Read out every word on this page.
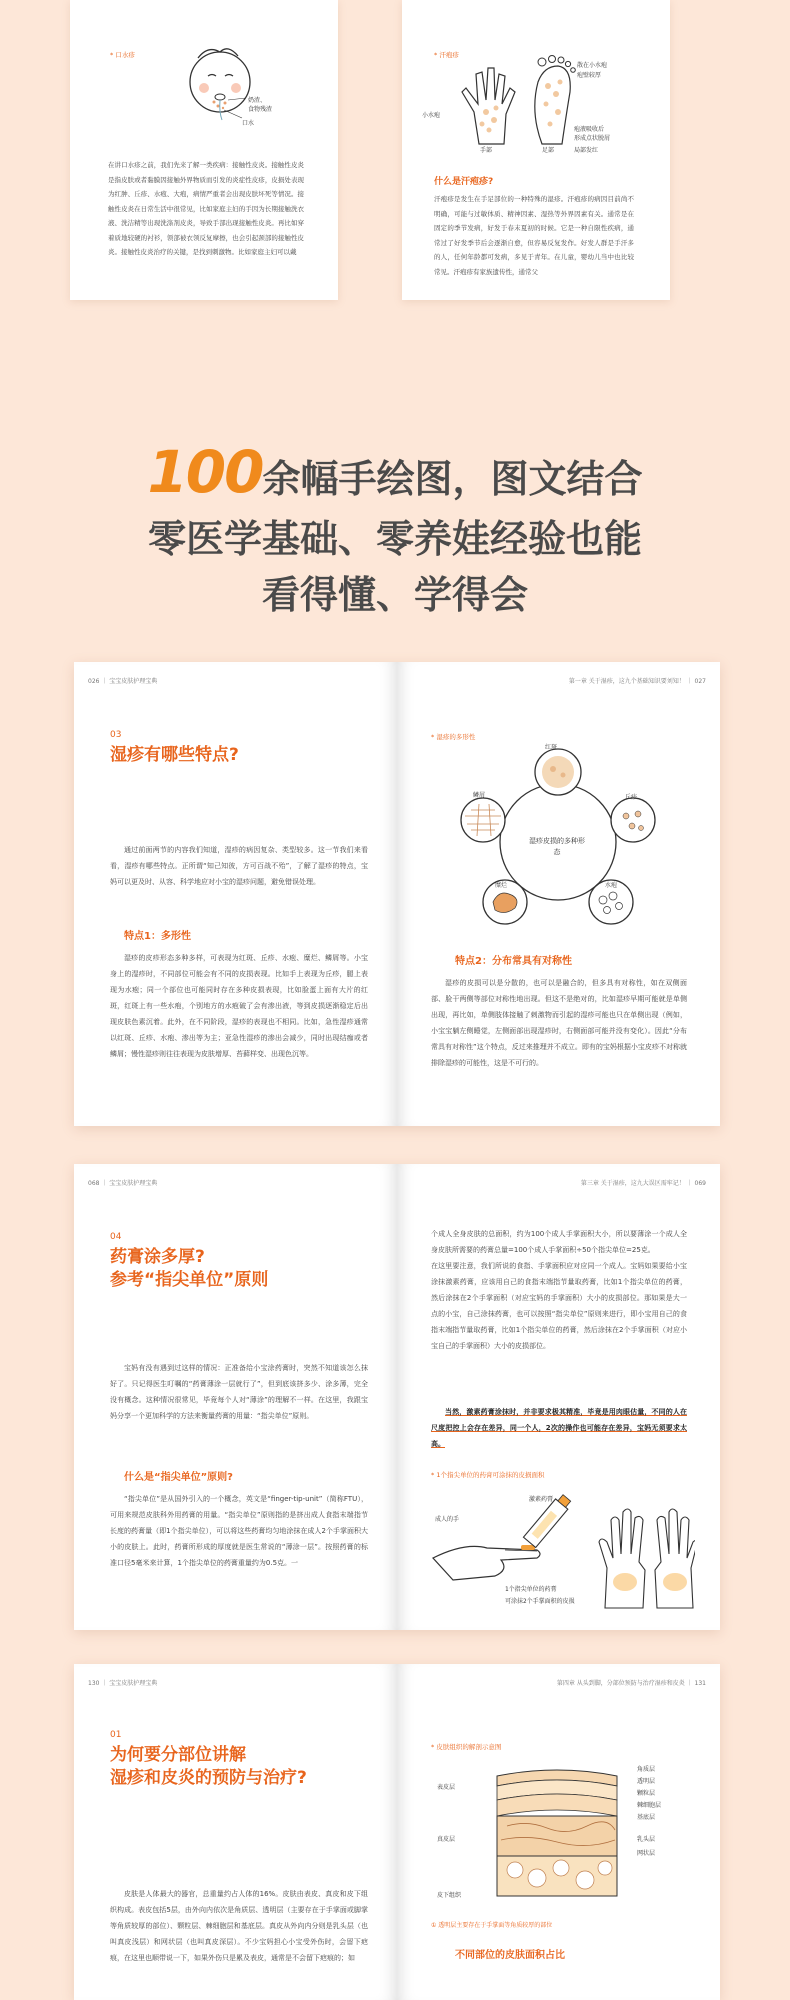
* 口水疹
奶渣、
食物残渣
口水
在讲口水疹之前，我们先来了解一类疾病：接触性皮炎。接触性皮炎是指皮肤或者黏膜因接触外界物质而引发的炎症性皮疹，皮损处表现为红肿、丘疹、水疱、大疱，病情严重者会出现皮肤坏死等情况。接触性皮炎在日常生活中很常见，比如家庭主妇的手因为长期接触洗衣液、洗洁精等出现洗涤剂皮炎，导致手部出现接触性皮炎。再比如穿着质地较硬的衬衫，领部被衣领反复摩擦，也会引起颈部的接触性皮炎。接触性皮炎治疗的关键，是找到刺激物。比如家庭主妇可以戴
* 汗疱疹
散在小水疱
疱壁较厚
小水疱
手部	足部
疱液吸收后
形成点状脱屑
局部发红
什么是汗疱疹?
汗疱疹是发生在手足部位的一种特殊的湿疹。汗疱疹的病因目前尚不明确，可能与过敏体质、精神因素、湿热等外界因素有关。通常是在固定的季节发病，好发于春末夏初的时候。它是一种自限性疾病，通常过了好发季节后会逐渐自愈，但容易反复发作。好发人群是手汗多的人，任何年龄都可发病，多见于青年。在儿童，婴幼儿当中也比较常见。汗疱疹有家族遗传性，通常父
100余幅手绘图，图文结合
零医学基础、零养娃经验也能
看得懂、学得会
026 ｜ 宝宝皮肤护理宝典
03
湿疹有哪些特点?
通过前面两节的内容我们知道，湿疹的病因复杂、类型较多。这一节我们来看看，湿疹有哪些特点。正所谓“知己知彼，方可百战不殆”，了解了湿疹的特点，宝妈可以更及时、从容、科学地应对小宝的湿疹问题，避免错误处理。
特点1：多形性
湿疹的皮疹形态多种多样，可表现为红斑、丘疹、水疱、糜烂、鳞屑等。小宝身上的湿疹时，不同部位可能会有不同的皮损表现。比如手上表现为丘疹，腿上表现为水疱；同一个部位也可能同时存在多种皮损表现，比如脸蛋上面有大片的红斑，红斑上有一些水疱，个别地方的水疱破了会有渗出液，等到皮损逐渐稳定后出现皮肤色素沉着。此外，在不同阶段，湿疹的表现也不相同。比如，急性湿疹通常以红斑、丘疹、水疱、渗出等为主；亚急性湿疹的渗出会减少，同时出现结痂或者鳞屑；慢性湿疹则往往表现为皮肤增厚、苔藓样变、出现色沉等。
第一章 关于湿疹，这九个基础知识要刘知！ ｜ 027
* 湿疹的多形性
湿疹皮损的多种形态
红斑
丘疹
水疱
糜烂
鳞屑
特点2：分布常具有对称性
湿疹的皮损可以是分散的，也可以是融合的，但多具有对称性，如在双侧面部、脸干两侧等部位对称性地出现。但这不是绝对的，比如湿疹早期可能就是单侧出现，再比如，单侧肢体接触了刺激物而引起的湿疹可能也只在单侧出现（例如，小宝宝躺左侧睡觉，左侧面部出现湿疹时，右侧面部可能并没有变化）。因此“分布常具有对称性”这个特点，反过来推理并不成立。即有的宝妈根据小宝皮疹不对称就排除湿疹的可能性，这是不可行的。
068 ｜ 宝宝皮肤护理宝典
04
药膏涂多厚?
参考“指尖单位”原则
宝妈有没有遇到过这样的情况：正准备给小宝涂药膏时，突然不知道该怎么抹好了。只记得医生叮嘱的“药膏薄涂一层就行了”，但到底该挤多少、涂多薄，完全没有概念。这种情况很常见，毕竟每个人对“薄涂”的理解不一样。在这里，我跟宝妈分享一个更加科学的方法来衡量药膏的用量：“指尖单位”原则。
什么是“指尖单位”原则?
“指尖单位”是从国外引入的一个概念，英文是“finger-tip-unit”（简称FTU），可用来规范皮肤科外用药膏的用量。“指尖单位”原则指的是挤出成人食指末端指节长度的药膏量（即1个指尖单位），可以将这些药膏均匀地涂抹在成人2个手掌面积大小的皮肤上。此时，药膏所形成的厚度就是医生常说的“薄涂一层”。按照药膏的标准口径5毫米来计算，1个指尖单位的药膏重量约为0.5克。一
第三章 关于湿疹，这九大误区需牢记！ ｜ 069
个成人全身皮肤的总面积，约为100个成人手掌面积大小，所以要薄涂一个成人全身皮肤所需要的药膏总量=100个成人手掌面积÷50个指尖单位=25克。
在这里要注意，我们所说的食指、手掌面积应对应同一个成人。宝妈如果要给小宝涂抹激素药膏，应该用自己的食指末端指节量取药膏，比如1个指尖单位的药膏，然后涂抹在2个手掌面积（对应宝妈的手掌面积）大小的皮损部位。那如果是大一点的小宝，自己涂抹药膏，也可以按照“指尖单位”原则来进行，即小宝用自己的食指末端指节量取药膏，比如1个指尖单位的药膏，然后涂抹在2个手掌面积（对应小宝自己的手掌面积）大小的皮损部位。
当然，激素药膏涂抹时，并非要求极其精准，毕竟是用肉眼估量，不同的人在尺度把控上会存在差异，同一个人，2次的操作也可能存在差异，宝妈无须要求太高。
* 1个指尖单位的药膏可涂抹的皮损面积
成人的手
激素药膏
1个指尖单位的药膏
可涂抹2个手掌面积的皮损
130 ｜ 宝宝皮肤护理宝典
01
为何要分部位讲解
湿疹和皮炎的预防与治疗?
皮肤是人体最大的器官，总重量约占人体的16%。皮肤由表皮、真皮和皮下组织构成。表皮包括5层，由外向内依次是角质层、透明层（主要存在于手掌面或脚掌等角质较厚的部位）、颗粒层、棘细胞层和基底层。真皮从外向内分则是乳头层（也叫真皮浅层）和网状层（也叫真皮深层）。不少宝妈担心小宝受外伤时，会留下疤痕，在这里也顺带说一下，如果外伤只是累及表皮，通常是不会留下疤痕的；如
第四章 从头到脚，分部位预防与治疗湿疹和皮炎 ｜ 131
* 皮肤组织的解剖示意图
表皮层
真皮层
皮下组织
角质层
透明层
颗粒层
棘细胞层
基底层
乳头层
网状层
① 透明层主要存在于手掌面等角质较厚的部位
不同部位的皮肤面积占比
